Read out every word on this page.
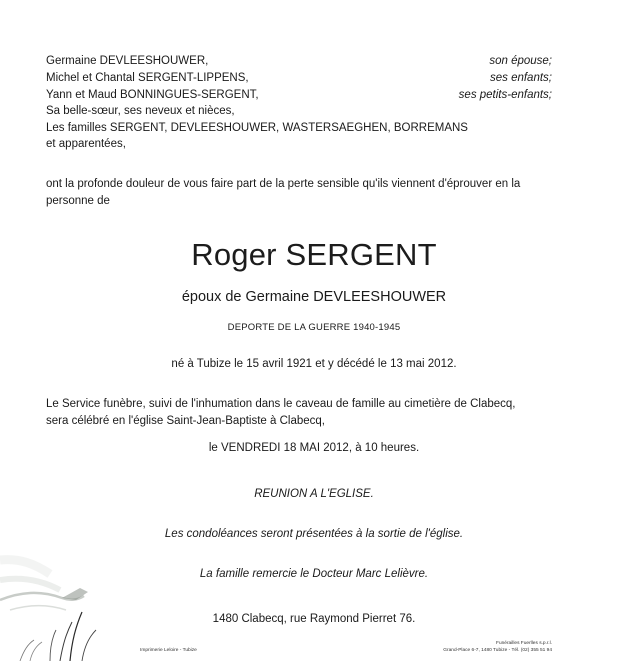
Germaine DEVLEESHOUWER,	son épouse;
Michel et Chantal SERGENT-LIPPENS,	ses enfants;
Yann et Maud BONNINGUES-SERGENT,	ses petits-enfants;
Sa belle-sœur, ses neveux et nièces,
Les familles SERGENT, DEVLEESHOUWER, WASTERSAEGHEN, BORREMANS
et apparentées,
ont la profonde douleur de vous faire part de la perte sensible qu'ils viennent d'éprouver en la
personne de
Roger SERGENT
époux de Germaine DEVLEESHOUWER
DEPORTE DE LA GUERRE 1940-1945
né à Tubize le 15 avril 1921 et y décédé le 13 mai 2012.
Le Service funèbre, suivi de l'inhumation dans le caveau de famille au cimetière de Clabecq,
sera célébré en l'église Saint-Jean-Baptiste à Clabecq,
le VENDREDI 18 MAI 2012, à 10 heures.
REUNION A L'EGLISE.
Les condoléances seront présentées à la sortie de l'église.
La famille remercie le Docteur Marc Lelièvre.
1480 Clabecq, rue Raymond Pierret 76.
Imprimerie Leloire - Tubize
Funérailles Fuerlles s.p.r.l.
Grand-Place 6-7, 1480 Tubize - Tél. (02) 355 51 94
